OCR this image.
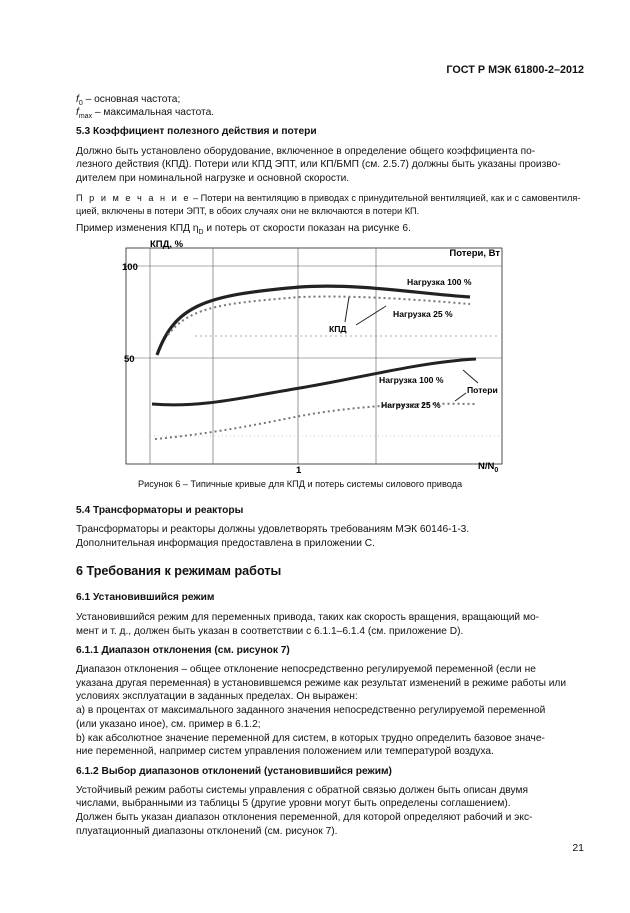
ГОСТ Р МЭК 61800-2–2012
$f_0$ – основная частота;
$f_{max}$ – максимальная частота.
5.3 Коэффициент полезного действия и потери
Должно быть установлено оборудование, включенное в определение общего коэффициента по-
лезного действия (КПД). Потери или КПД ЭПТ, или КП/БМП (см. 2.5.7) должны быть указаны произво-
дителем при номинальной нагрузке и основной скорости.
П р и м е ч а н и е – Потери на вентиляцию в приводах с принудительной вентиляцией, как и с самовентиля-
цией, включены в потери ЭПТ, в обоих случаях они не включаются в потери КП.
Пример изменения КПД $\eta_D$ и потерь от скорости показан на рисунке 6.
КПД, %
Потери, Вт
100
50
1	$N/N_0$
Нагрузка 100 %
Нагрузка 25 %
Нагрузка 100 %
Нагрузка 25 %
КПД
Потери
Рисунок 6 – Типичные кривые для КПД и потерь системы силового привода
5.4 Трансформаторы и реакторы
Трансформаторы и реакторы должны удовлетворять требованиям МЭК 60146-1-3.
Дополнительная информация предоставлена в приложении С.
6 Требования к режимам работы
6.1 Установившийся режим
Установившийся режим для переменных привода, таких как скорость вращения, вращающий мо-
мент и т. д., должен быть указан в соответствии с 6.1.1–6.1.4 (см. приложение D).
6.1.1 Диапазон отклонения (см. рисунок 7)
Диапазон отклонения – общее отклонение непосредственно регулируемой переменной (если не
указана другая переменная) в установившемся режиме как результат изменений в режиме работы или
условиях эксплуатации в заданных пределах. Он выражен:
а) в процентах от максимального заданного значения непосредственно регулируемой переменной
(или указано иное), см. пример в 6.1.2;
b) как абсолютное значение переменной для систем, в которых трудно определить базовое значе-
ние переменной, например систем управления положением или температурой воздуха.
6.1.2 Выбор диапазонов отклонений (установившийся режим)
Устойчивый режим работы системы управления с обратной связью должен быть описан двумя
числами, выбранными из таблицы 5 (другие уровни могут быть определены соглашением).
Должен быть указан диапазон отклонения переменной, для которой определяют рабочий и экс-
плуатационный диапазоны отклонений (см. рисунок 7).
21
